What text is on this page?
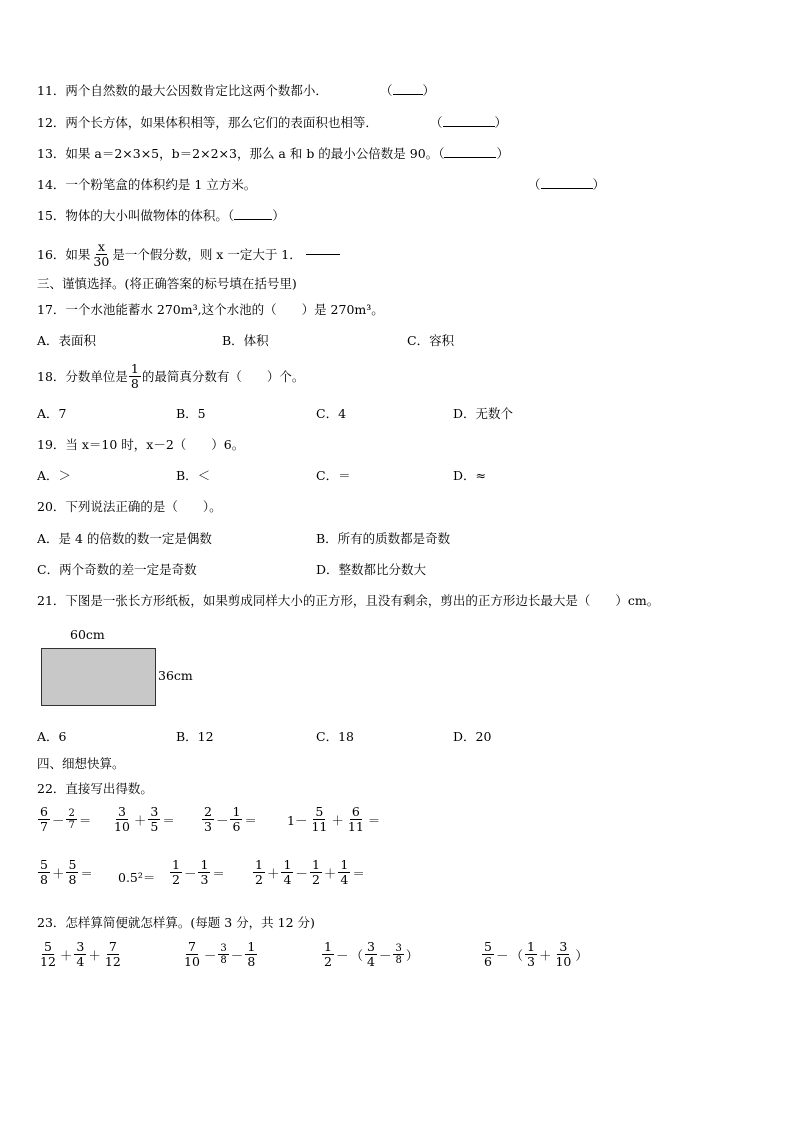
11．两个自然数的最大公因数肯定比这两个数都小．	（ ）
12．两个长方体，如果体积相等，那么它们的表面积也相等．	（	）
13．如果 a＝2×3×5，b＝2×2×3，那么 a 和 b 的最小公倍数是 90。（	）
14．一个粉笔盒的体积约是 1 立方米。	（	）
15．物体的大小叫做物体的体积。（	）
16． 如果 x
30 是一个假分数，则 x 一定大于 1．

三、谨慎选择。(将正确答案的标号填在括号里)
17．一个水池能蓄水 270m³,这个水池的（　　）是 270m³。
A．表面积	B．体积	C．容积
18． 分数单位是 1
8 的最简真分数有（　　）个。
A．7	B．5	C．4	D．无数个
19．当 x＝10 时，x－2（　　）6。
A．＞	B．＜	C．＝	D．≈
20．下列说法正确的是（　　）。
A．是 4 的倍数的数一定是偶数	B．所有的质数都是奇数
C．两个奇数的差一定是奇数	D．整数都比分数大
21．下图是一张长方形纸板，如果剪成同样大小的正方形，且没有剩余，剪出的正方形边长最大是（　　）cm。
60cm
36cm
A．6	B．12	C．18	D．20
四、细想快算。
22．直接写出得数。
6
7 － 2
7 ＝
3
10 ＋
3
5 ＝
2
3 －
1
6 ＝ 1－
5
11 ＋
6
11 ＝
5
8 ＋
5
8 ＝ 0.5²＝
1
2 －
1
3 ＝
1
2 ＋
1
4 －
1
2 ＋
1
4 ＝
23．怎样算简便就怎样算。(每题 3 分，共 12 分)
5
12 ＋
3
4 ＋
7
12
7
10 － 3
8 －
1
8
1
2 － （
3
4 － 3
8 ）
5
6 － （
1
3 ＋
3
10 ）
